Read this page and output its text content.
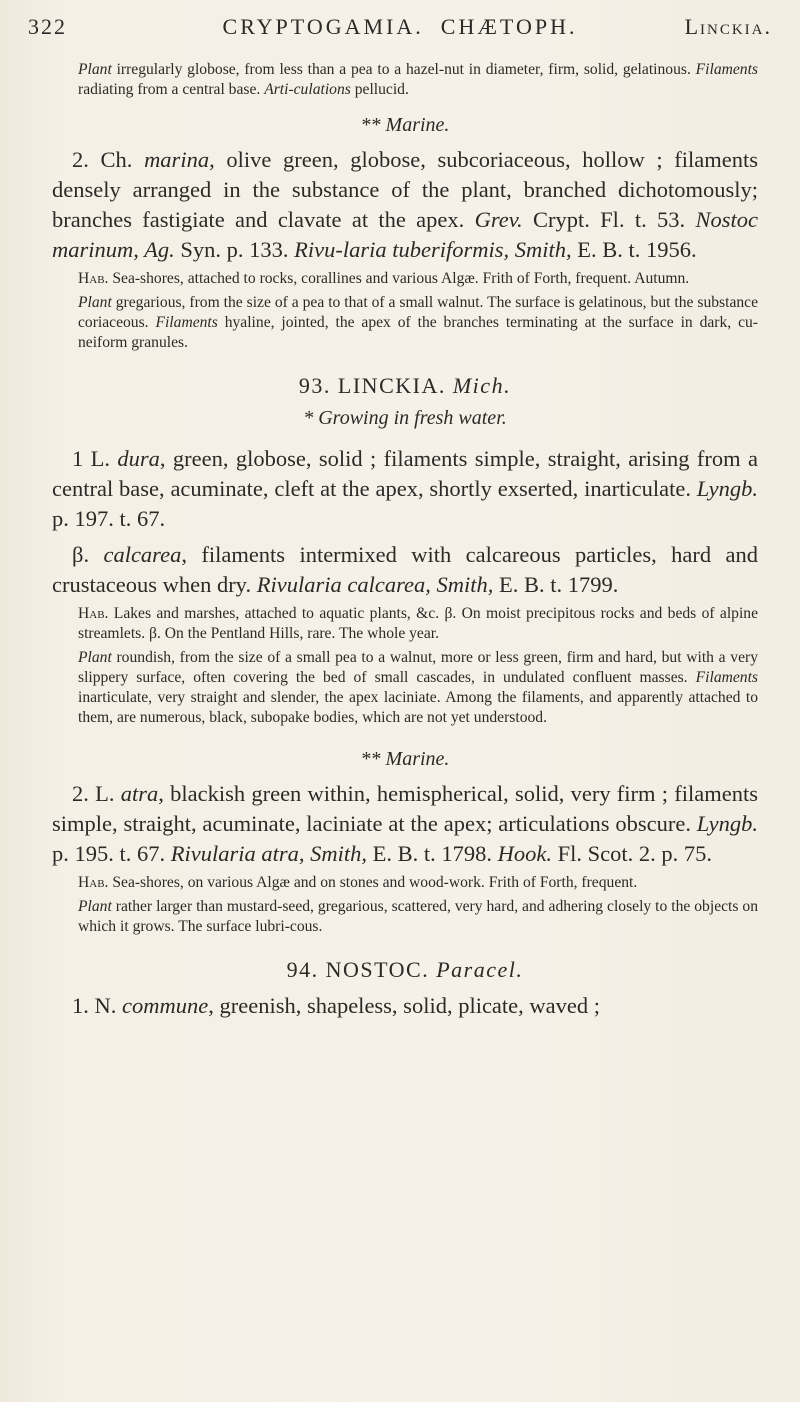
322	CRYPTOGAMIA. CHÆTOPH.	Linckia.

Plant irregularly globose, from less than a pea to a hazel-nut in diameter, firm, solid, gelatinous. Filaments radiating from a central base. Arti-culations pellucid.

** Marine.

2. Ch. marina, olive green, globose, subcoriaceous, hollow ; filaments densely arranged in the substance of the plant, branched dichotomously; branches fastigiate and clavate at the apex. Grev. Crypt. Fl. t. 53. Nostoc marinum, Ag. Syn. p. 133. Rivu-laria tuberiformis, Smith, E. B. t. 1956.

Hab. Sea-shores, attached to rocks, corallines and various Algæ. Frith of Forth, frequent. Autumn.

Plant gregarious, from the size of a pea to that of a small walnut. The surface is gelatinous, but the substance coriaceous. Filaments hyaline, jointed, the apex of the branches terminating at the surface in dark, cu-neiform granules.

93. LINCKIA. Mich.

* Growing in fresh water.

1 L. dura, green, globose, solid ; filaments simple, straight, arising from a central base, acuminate, cleft at the apex, shortly exserted, inarticulate. Lyngb. p. 197. t. 67.

β. calcarea, filaments intermixed with calcareous particles, hard and crustaceous when dry. Rivularia calcarea, Smith, E. B. t. 1799.

Hab. Lakes and marshes, attached to aquatic plants, &c. β. On moist precipitous rocks and beds of alpine streamlets. β. On the Pentland Hills, rare. The whole year.

Plant roundish, from the size of a small pea to a walnut, more or less green, firm and hard, but with a very slippery surface, often covering the bed of small cascades, in undulated confluent masses. Filaments inarticulate, very straight and slender, the apex laciniate. Among the filaments, and apparently attached to them, are numerous, black, subopake bodies, which are not yet understood.

** Marine.

2. L. atra, blackish green within, hemispherical, solid, very firm ; filaments simple, straight, acuminate, laciniate at the apex; articulations obscure. Lyngb. p. 195. t. 67. Rivularia atra, Smith, E. B. t. 1798. Hook. Fl. Scot. 2. p. 75.

Hab. Sea-shores, on various Algæ and on stones and wood-work. Frith of Forth, frequent.

Plant rather larger than mustard-seed, gregarious, scattered, very hard, and adhering closely to the objects on which it grows. The surface lubri-cous.

94. NOSTOC. Paracel.

1. N. commune, greenish, shapeless, solid, plicate, waved ;
